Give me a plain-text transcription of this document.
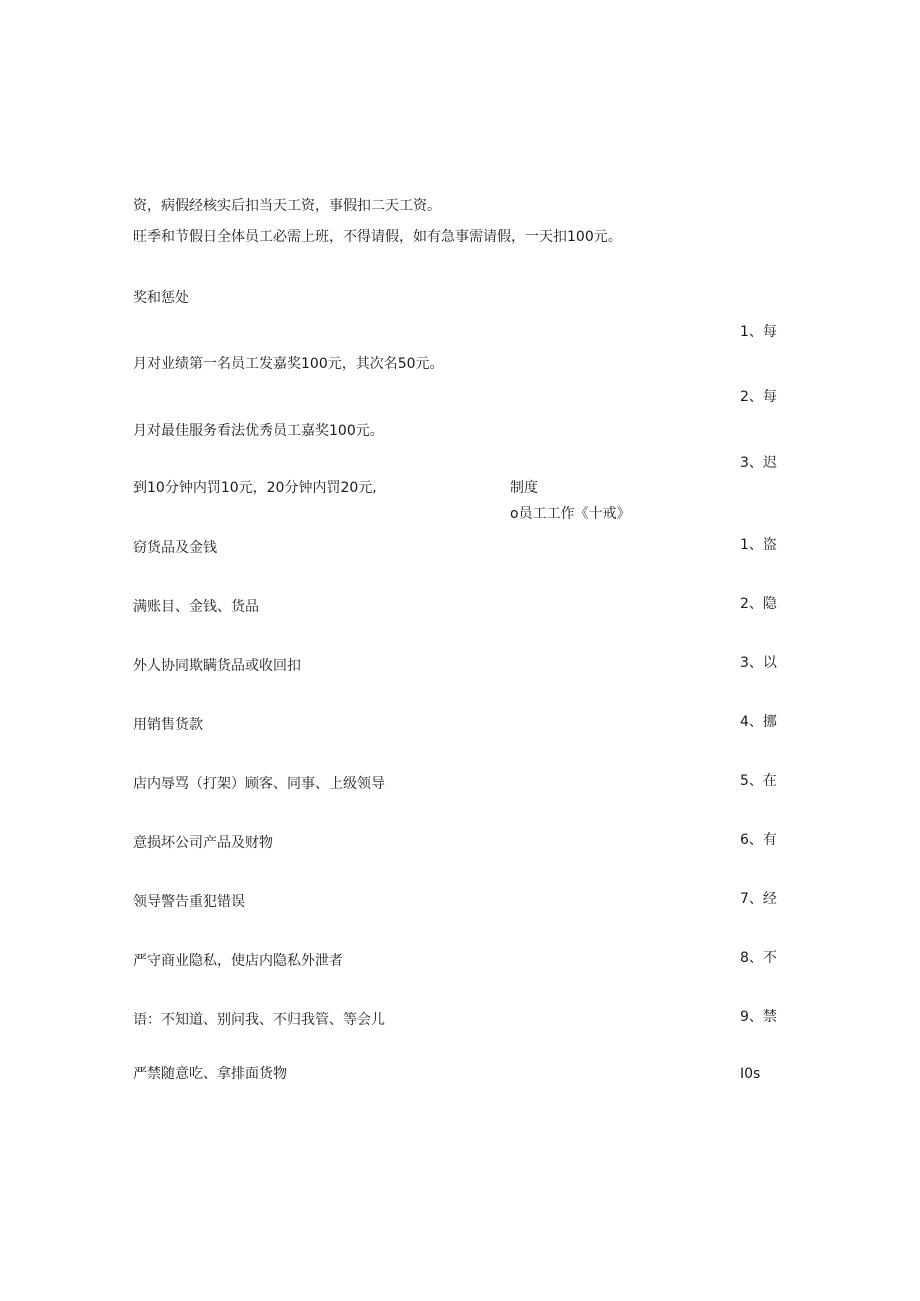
资，病假经核实后扣当天工资，事假扣二天工资。

旺季和节假日全体员工必需上班，不得请假，如有急事需请假，一天扣100元。

奖和惩处

1、每

月对业绩第一名员工发嘉奖100元，其次名50元。

2、每

月对最佳服务看法优秀员工嘉奖100元。

3、迟

到10分钟内罚10元，20分钟内罚20元,	制度

o员工工作《十戒》

1、盗

窃货品及金钱

2、隐

满账目、金钱、货品

3、以

外人协同欺瞒货品或收回扣

4、挪

用销售货款

5、在

店内辱骂（打架）顾客、同事、上级领导

6、有

意损坏公司产品及财物

7、经

领导警告重犯错误

8、不

严守商业隐私，使店内隐私外泄者

9、禁

语：不知道、别问我、不归我管、等会儿

I0s

严禁随意吃、拿排面货物
